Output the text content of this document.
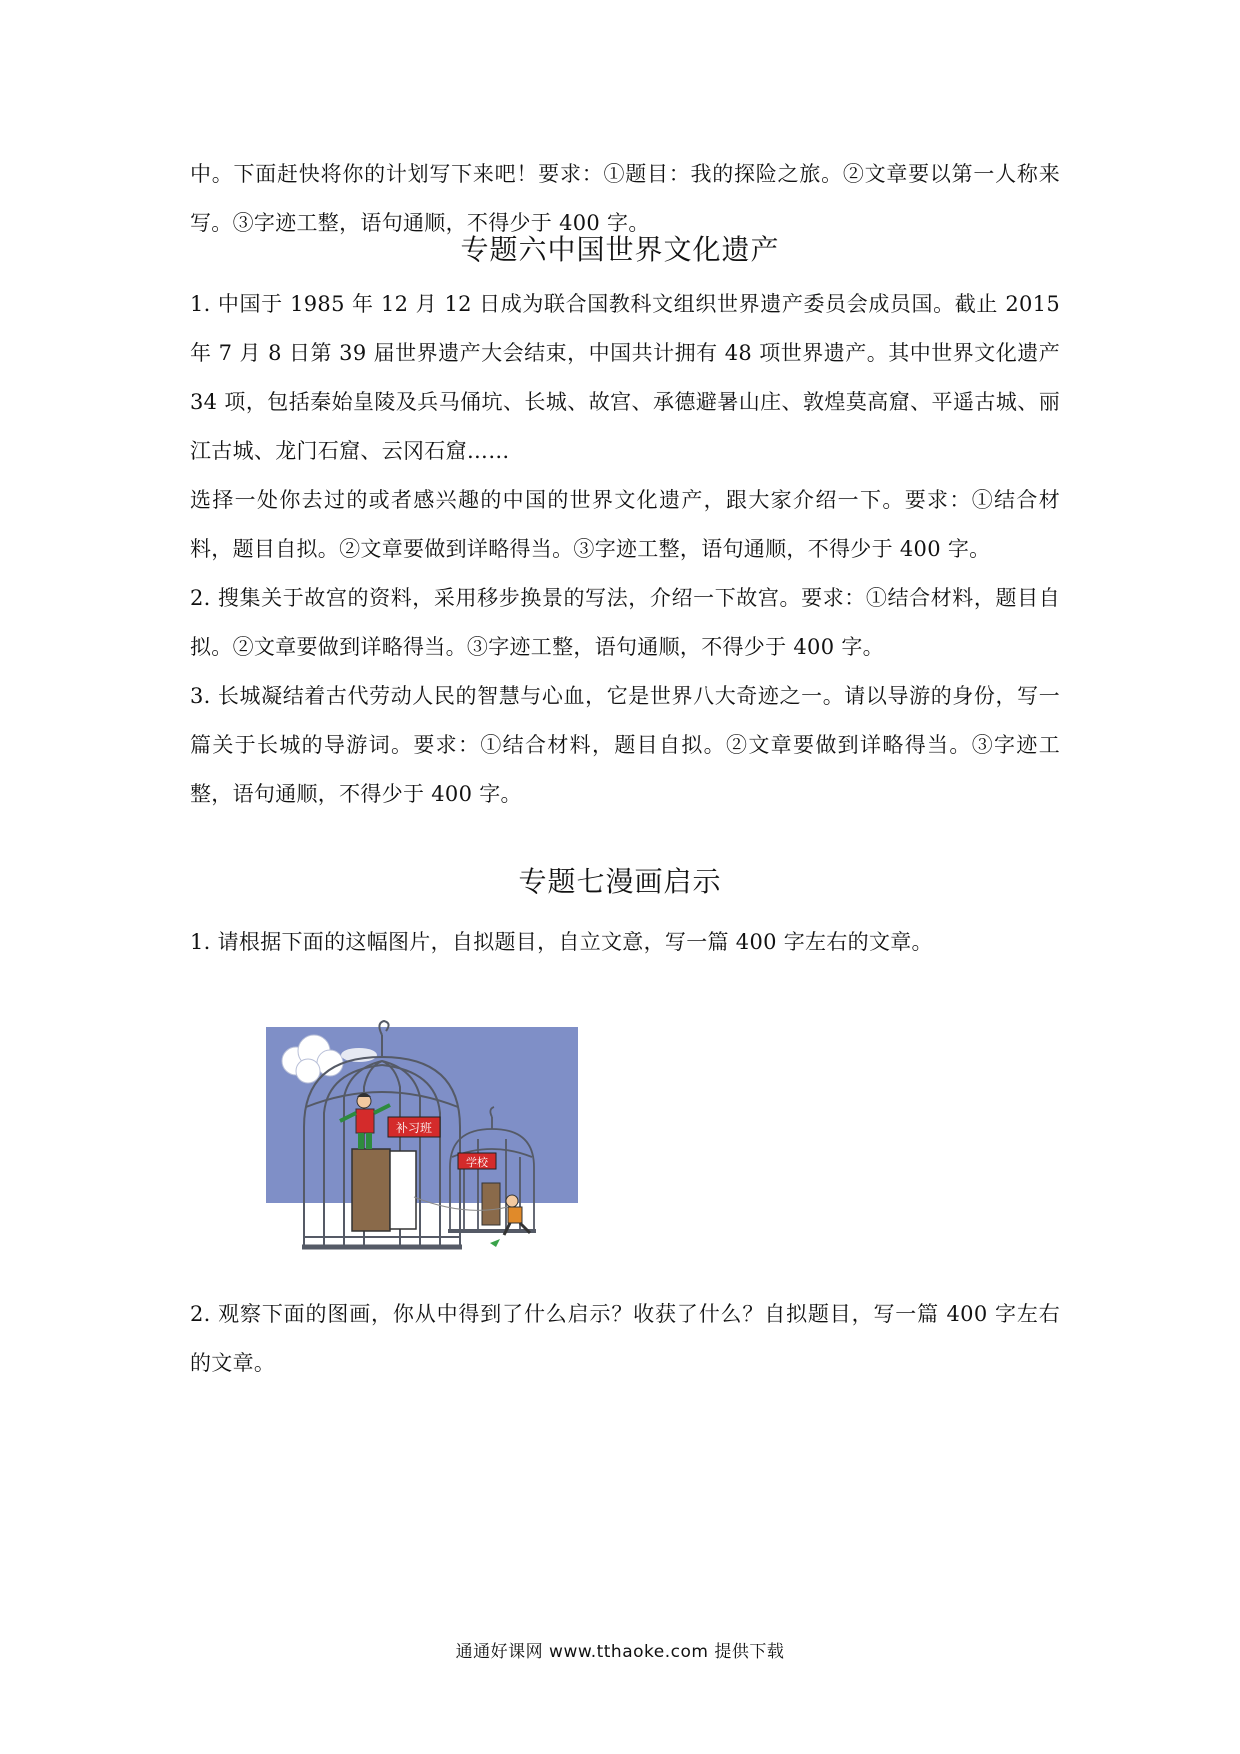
中。下面赶快将你的计划写下来吧！要求：①题目：我的探险之旅。②文章要以第一人称来写。③字迹工整，语句通顺，不得少于 400 字。
专题六中国世界文化遗产
1. 中国于 1985 年 12 月 12 日成为联合国教科文组织世界遗产委员会成员国。截止 2015 年 7 月 8 日第 39 届世界遗产大会结束，中国共计拥有 48 项世界遗产。其中世界文化遗产 34 项，包括秦始皇陵及兵马俑坑、长城、故宫、承德避暑山庄、敦煌莫高窟、平遥古城、丽江古城、龙门石窟、云冈石窟……
选择一处你去过的或者感兴趣的中国的世界文化遗产，跟大家介绍一下。要求：①结合材料，题目自拟。②文章要做到详略得当。③字迹工整，语句通顺，不得少于 400 字。
2. 搜集关于故宫的资料，采用移步换景的写法，介绍一下故宫。要求：①结合材料，题目自拟。②文章要做到详略得当。③字迹工整，语句通顺，不得少于 400 字。
3. 长城凝结着古代劳动人民的智慧与心血，它是世界八大奇迹之一。请以导游的身份，写一篇关于长城的导游词。要求：①结合材料，题目自拟。②文章要做到详略得当。③字迹工整，语句通顺，不得少于 400 字。
专题七漫画启示
1. 请根据下面的这幅图片，自拟题目，自立文意，写一篇 400 字左右的文章。
补习班
学校
2. 观察下面的图画，你从中得到了什么启示？收获了什么？自拟题目，写一篇 400 字左右的文章。
通通好课网 www.tthaoke.com 提供下载
